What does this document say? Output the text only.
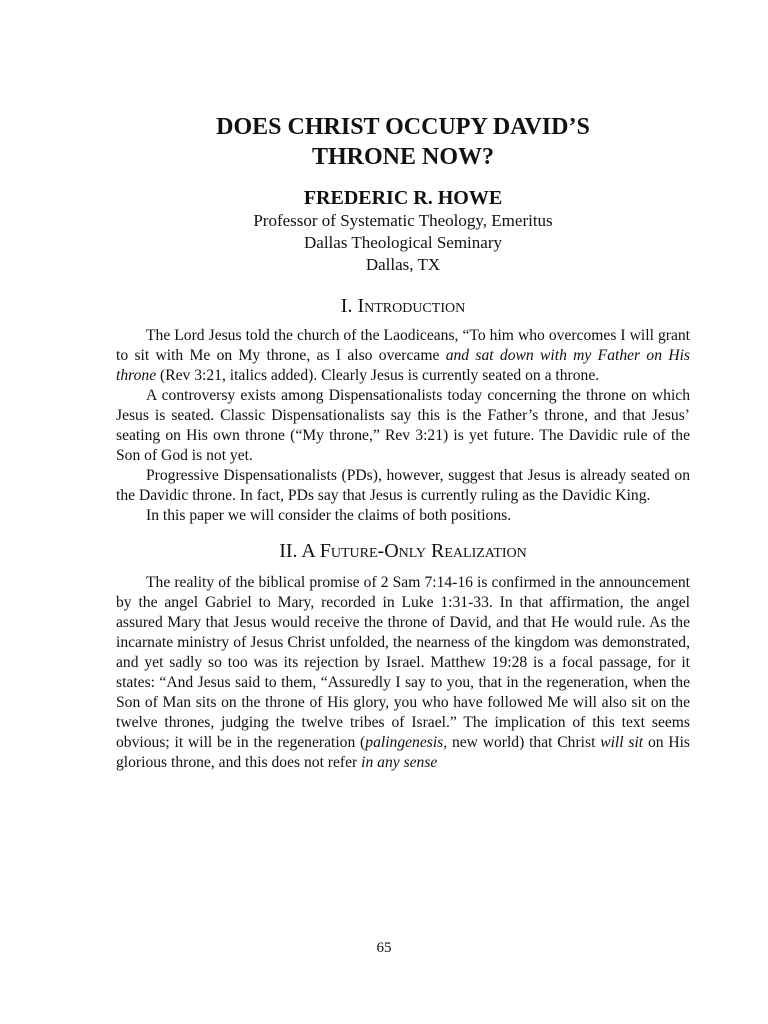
DOES CHRIST OCCUPY DAVID’S
THRONE NOW?

FREDERIC R. HOWE

Professor of Systematic Theology, Emeritus
Dallas Theological Seminary
Dallas, TX

I. Introduction

The Lord Jesus told the church of the Laodiceans, “To him who overcomes I will grant to sit with Me on My throne, as I also overcame and sat down with my Father on His throne (Rev 3:21, italics added). Clearly Jesus is currently seated on a throne.

A controversy exists among Dispensationalists today concerning the throne on which Jesus is seated. Classic Dispensationalists say this is the Father’s throne, and that Jesus’ seating on His own throne (“My throne,” Rev 3:21) is yet future. The Davidic rule of the Son of God is not yet.

Progressive Dispensationalists (PDs), however, suggest that Jesus is already seated on the Davidic throne. In fact, PDs say that Jesus is currently ruling as the Davidic King.

In this paper we will consider the claims of both positions.

II. A Future-Only Realization

The reality of the biblical promise of 2 Sam 7:14-16 is confirmed in the announcement by the angel Gabriel to Mary, recorded in Luke 1:31-33. In that affirmation, the angel assured Mary that Jesus would receive the throne of David, and that He would rule. As the incarnate ministry of Jesus Christ unfolded, the nearness of the kingdom was demonstrated, and yet sadly so too was its rejection by Israel. Matthew 19:28 is a focal passage, for it states: “And Jesus said to them, “Assuredly I say to you, that in the regeneration, when the Son of Man sits on the throne of His glory, you who have followed Me will also sit on the twelve thrones, judging the twelve tribes of Israel.” The implication of this text seems obvious; it will be in the regeneration (palingenesis, new world) that Christ will sit on His glorious throne, and this does not refer in any sense

65
